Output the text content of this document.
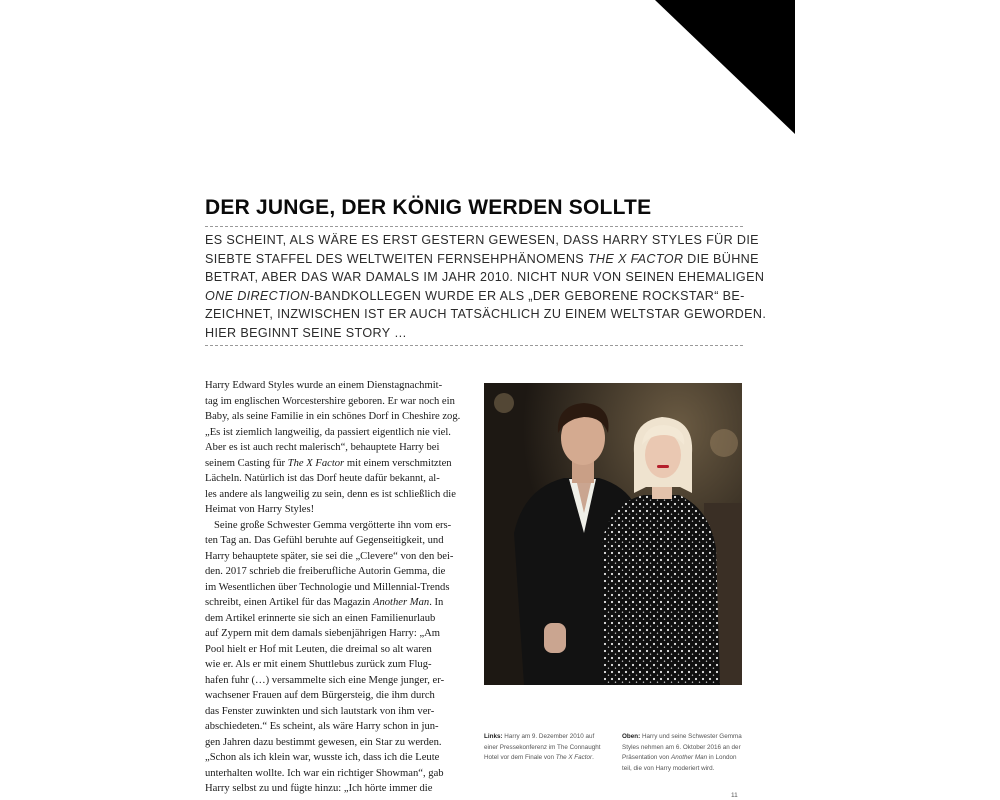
DER JUNGE, DER KÖNIG WERDEN SOLLTE

ES SCHEINT, ALS WÄRE ES ERST GESTERN GEWESEN, DASS HARRY STYLES FÜR DIE

SIEBTE STAFFEL DES WELTWEITEN FERNSEHPHÄNOMENS THE X FACTOR DIE BÜHNE

BETRAT, ABER DAS WAR DAMALS IM JAHR 2010. NICHT NUR VON SEINEN EHEMALIGEN

ONE DIRECTION-BANDKOLLEGEN WURDE ER ALS „DER GEBORENE ROCKSTAR“ BE-

ZEICHNET, INZWISCHEN IST ER AUCH TATSÄCHLICH ZU EINEM WELTSTAR GEWORDEN.

HIER BEGINNT SEINE STORY …

Harry Edward Styles wurde an einem Dienstagnachmit-

tag im englischen Worcestershire geboren. Er war noch ein

Baby, als seine Familie in ein schönes Dorf in Cheshire zog.

„Es ist ziemlich langweilig, da passiert eigentlich nie viel.

Aber es ist auch recht malerisch“, behauptete Harry bei

seinem Casting für The X Factor mit einem verschmitzten

Lächeln. Natürlich ist das Dorf heute dafür bekannt, al-

les andere als langweilig zu sein, denn es ist schließlich die

Heimat von Harry Styles!

Seine große Schwester Gemma vergötterte ihn vom ers-

ten Tag an. Das Gefühl beruhte auf Gegenseitigkeit, und

Harry behauptete später, sie sei die „Clevere“ von den bei-

den. 2017 schrieb die freiberufliche Autorin Gemma, die

im Wesentlichen über Technologie und Millennial-Trends

schreibt, einen Artikel für das Magazin Another Man. In

dem Artikel erinnerte sie sich an einen Familienurlaub

auf Zypern mit dem damals siebenjährigen Harry: „Am

Pool hielt er Hof mit Leuten, die dreimal so alt waren

wie er. Als er mit einem Shuttlebus zurück zum Flug-

hafen fuhr (…) versammelte sich eine Menge junger, er-

wachsener Frauen auf dem Bürgersteig, die ihm durch

das Fenster zuwinkten und sich lautstark von ihm ver-

abschiedeten.“ Es scheint, als wäre Harry schon in jun-

gen Jahren dazu bestimmt gewesen, ein Star zu werden.

„Schon als ich klein war, wusste ich, dass ich die Leute

unterhalten wollte. Ich war ein richtiger Showman“, gab

Harry selbst zu und fügte hinzu: „Ich hörte immer die

Links: Harry am 9. Dezember 2010 auf

einer Pressekonferenz im The Connaught

Hotel vor dem Finale von The X Factor.

Oben: Harry und seine Schwester Gemma

Styles nehmen am 6. Oktober 2016 an der

Präsentation von Another Man in London

teil, die von Harry moderiert wird.

11
